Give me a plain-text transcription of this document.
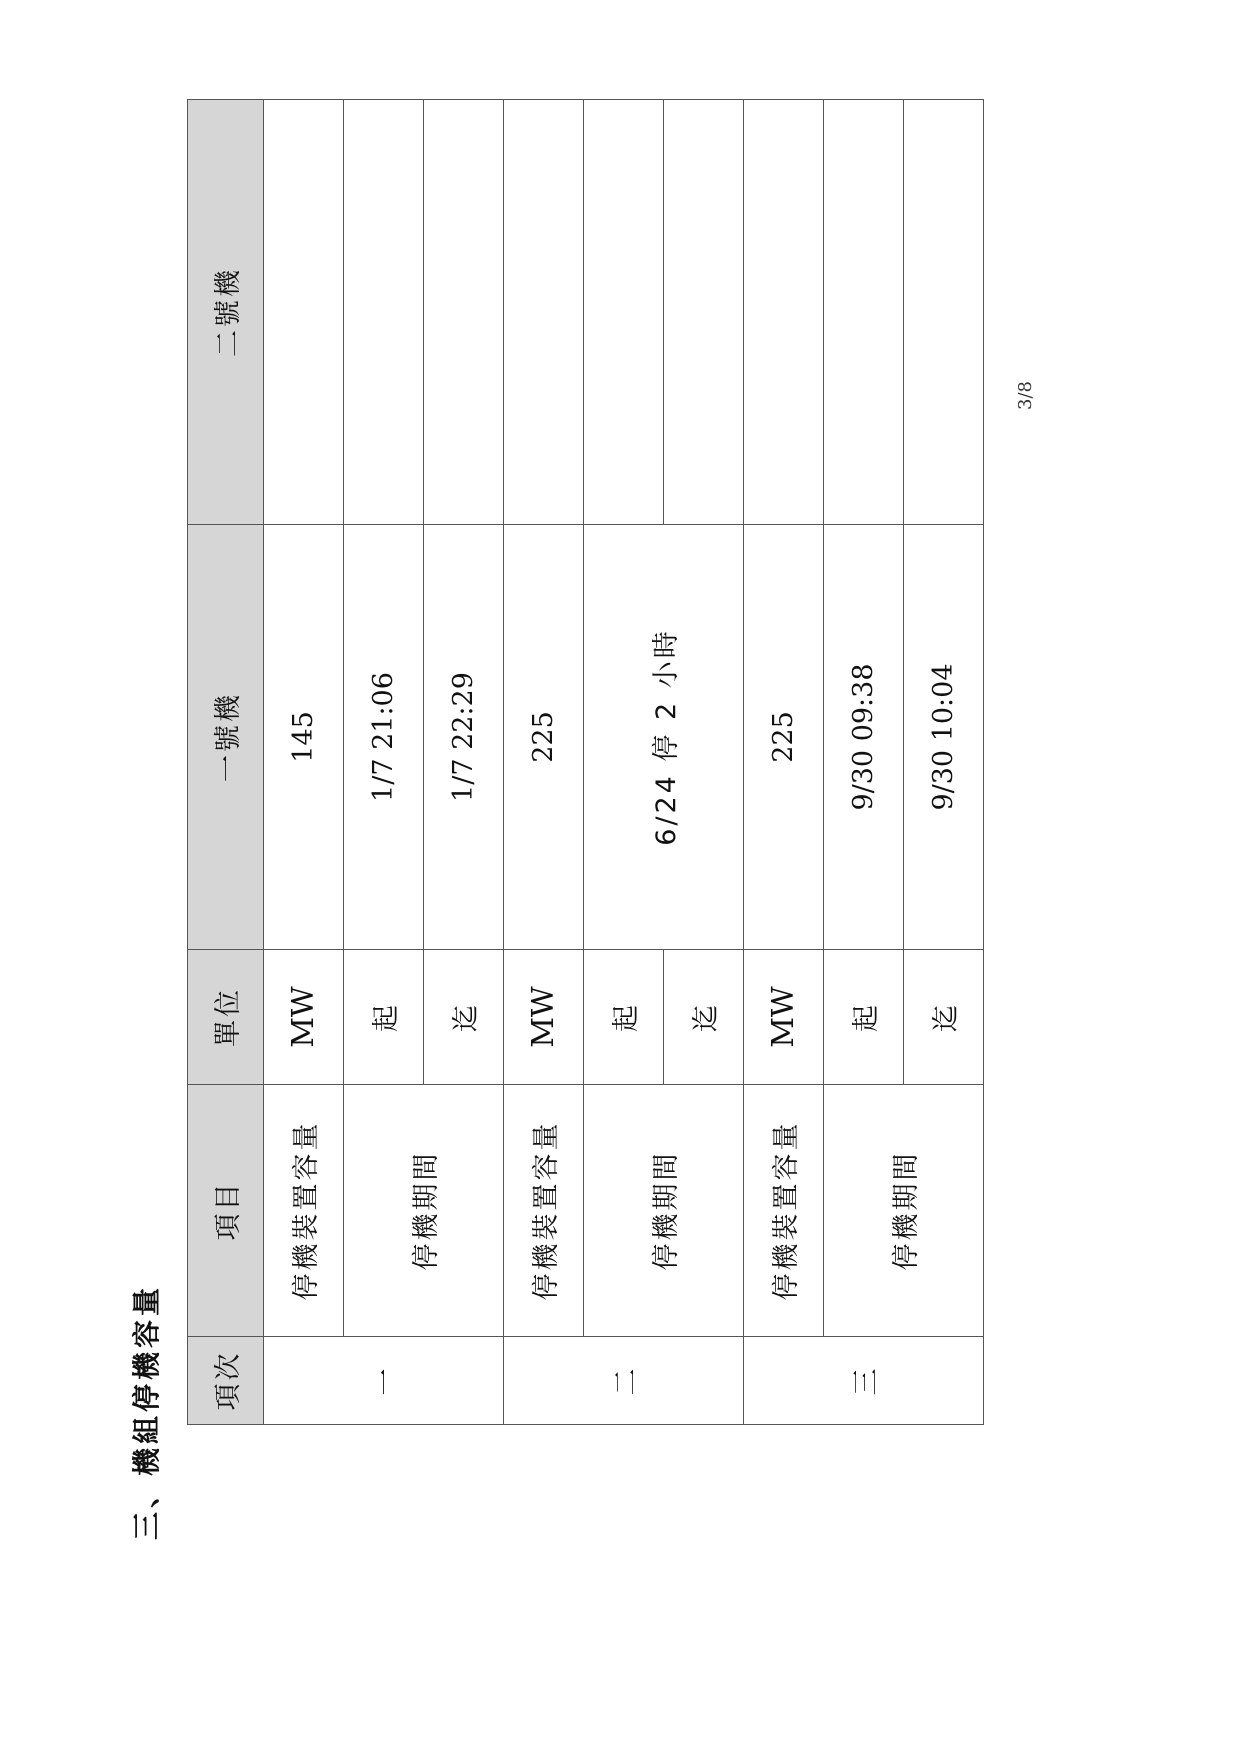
三、機組停機容量 項次	項目	單位	一號機	二號機
一	停機裝置容量	MW	145	
	停機期間	起	1/7 21:06	
		迄	1/7 22:29	
二	停機裝置容量	MW	225	
	停機期間	起	6/24 停 2 小時	
		迄		
三	停機裝置容量	MW	225	
	停機期間	起	9/30 09:38	
		迄	9/30 10:04	
3/8
